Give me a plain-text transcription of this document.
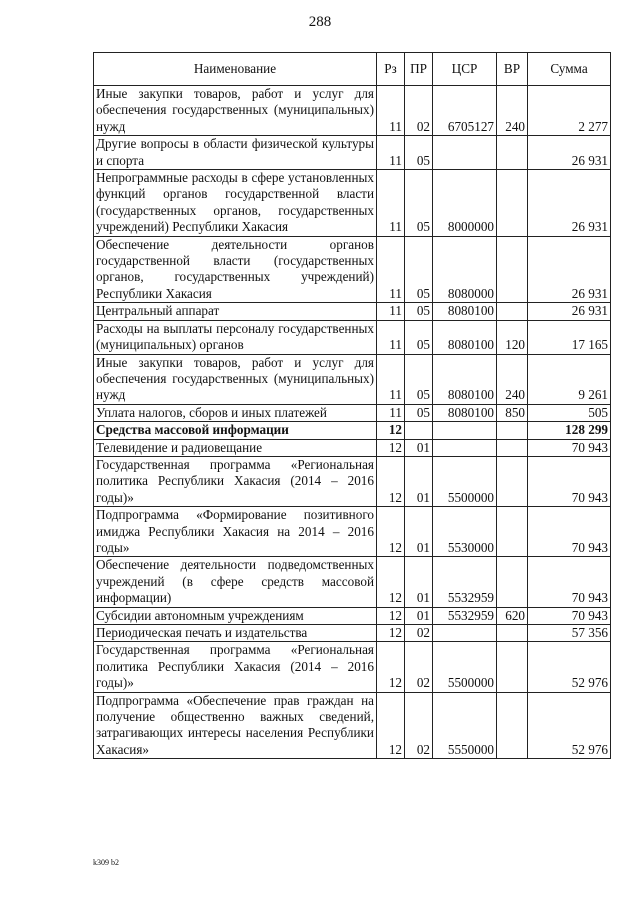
288
Наименование	Рз	ПР	ЦСР	ВР	Сумма
Иные закупки товаров, работ и услуг для обеспечения государственных (муниципальных) нужд	11	02	6705127	240	2 277
Другие вопросы в области физической культуры и спорта	11	05			26 931
Непрограммные расходы в сфере установленных функций органов государственной власти (государственных органов, государственных учреждений) Республики Хакасия	11	05	8000000		26 931
Обеспечение деятельности органов государственной власти (государственных органов, государственных учреждений) Республики Хакасия	11	05	8080000		26 931
Центральный аппарат	11	05	8080100		26 931
Расходы на выплаты персоналу государственных (муниципальных) органов	11	05	8080100	120	17 165
Иные закупки товаров, работ и услуг для обеспечения государственных (муниципальных) нужд	11	05	8080100	240	9 261
Уплата налогов, сборов и иных платежей	11	05	8080100	850	505
Средства массовой информации	12				128 299
Телевидение и радиовещание	12	01			70 943
Государственная программа «Региональная политика Республики Хакасия (2014 – 2016 годы)»	12	01	5500000		70 943
Подпрограмма «Формирование позитивного имиджа Республики Хакасия на 2014 – 2016 годы»	12	01	5530000		70 943
Обеспечение деятельности подведомственных учреждений (в сфере средств массовой информации)	12	01	5532959		70 943
Субсидии автономным учреждениям	12	01	5532959	620	70 943
Периодическая печать и издательства	12	02			57 356
Государственная программа «Региональная политика Республики Хакасия (2014 – 2016 годы)»	12	02	5500000		52 976
Подпрограмма «Обеспечение прав граждан на получение общественно важных сведений, затрагивающих интересы населения Республики Хакасия»	12	02	5550000		52 976
k309 b2
